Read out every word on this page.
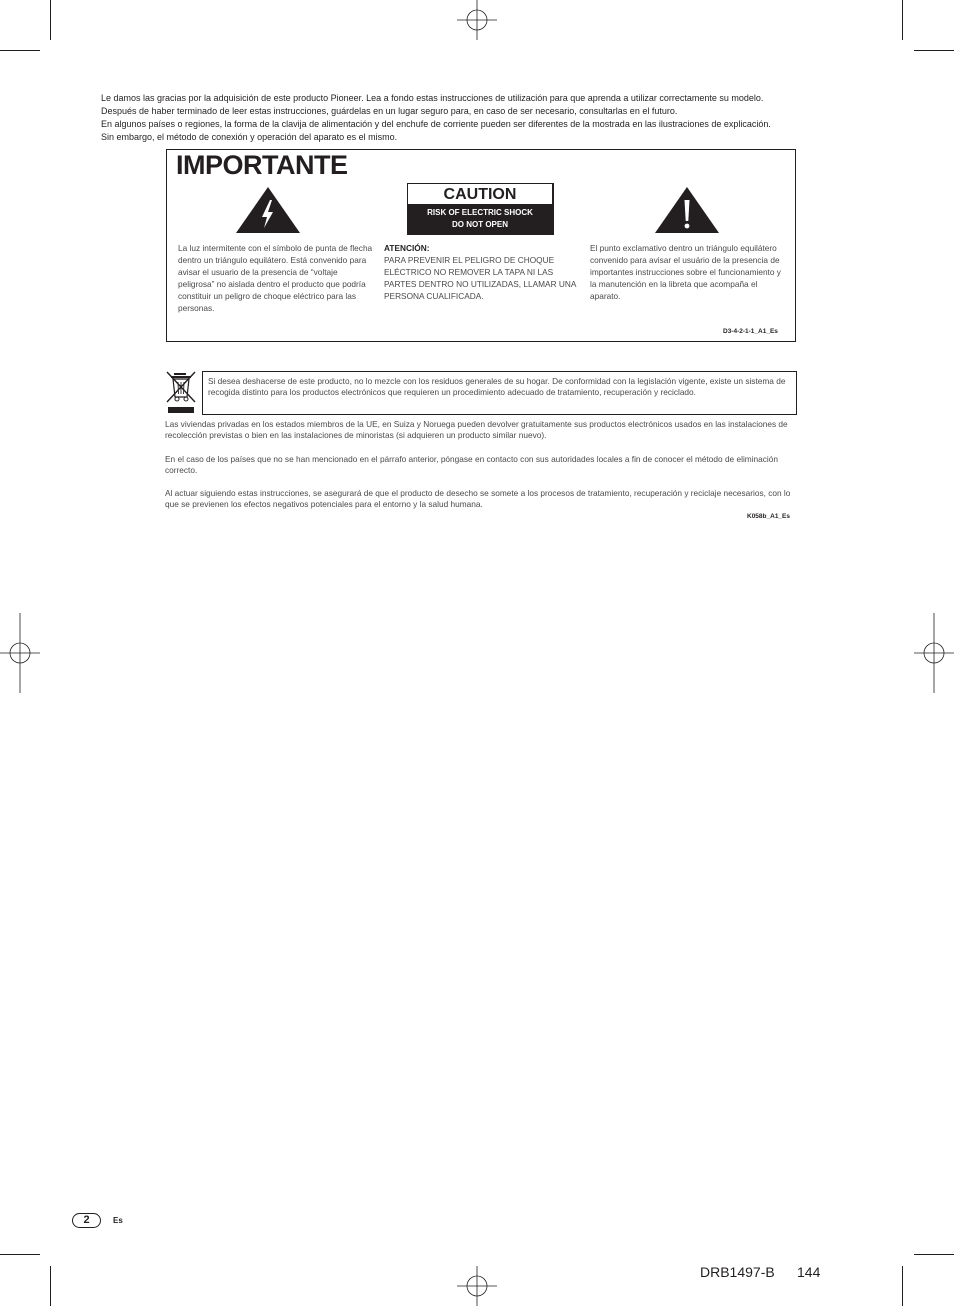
Le damos las gracias por la adquisición de este producto Pioneer. Lea a fondo estas instrucciones de utilización para que aprenda a utilizar correctamente su modelo.

Después de haber terminado de leer estas instrucciones, guárdelas en un lugar seguro para, en caso de ser necesario, consultarlas en el futuro.

En algunos países o regiones, la forma de la clavija de alimentación y del enchufe de corriente pueden ser diferentes de la mostrada en las ilustraciones de explicación.

Sin embargo, el método de conexión y operación del aparato es el mismo.

IMPORTANTE
CAUTION
RISK OF ELECTRIC SHOCK
DO NOT OPEN

La luz intermitente con el símbolo de punta de flecha dentro un triángulo equilátero. Está convenido para avisar el usuario de la presencia de “voltaje peligrosa” no aislada dentro el producto que podría constituir un peligro de choque eléctrico para las personas.

ATENCIÓN:

PARA PREVENIR EL PELIGRO DE CHOQUE ELÉCTRICO NO REMOVER LA TAPA NI LAS PARTES DENTRO NO UTILIZADAS, LLAMAR UNA PERSONA CUALIFICADA.

El punto exclamativo dentro un triángulo equilátero convenido para avisar el usuário de la presencia de importantes instrucciones sobre el funcionamiento y la manutención en la libreta que acompaña el aparato.

D3-4-2-1-1_A1_Es

Si desea deshacerse de este producto, no lo mezcle con los residuos generales de su hogar. De conformidad con la legislación vigente, existe un sistema de recogida distinto para los productos electrónicos que requieren un procedimiento adecuado de tratamiento, recuperación y reciclado.

Las viviendas privadas en los estados miembros de la UE, en Suiza y Noruega pueden devolver gratuitamente sus productos electrónicos usados en las instalaciones de recolección previstas o bien en las instalaciones de minoristas (si adquieren un producto similar nuevo).

En el caso de los países que no se han mencionado en el párrafo anterior, póngase en contacto con sus autoridades locales a fin de conocer el método de eliminación correcto.

Al actuar siguiendo estas instrucciones, se asegurará de que el producto de desecho se somete a los procesos de tratamiento, recuperación y reciclaje necesarios, con lo que se previenen los efectos negativos potenciales para el entorno y la salud humana.

K058b_A1_Es
2	Es
DRB1497-B 144
